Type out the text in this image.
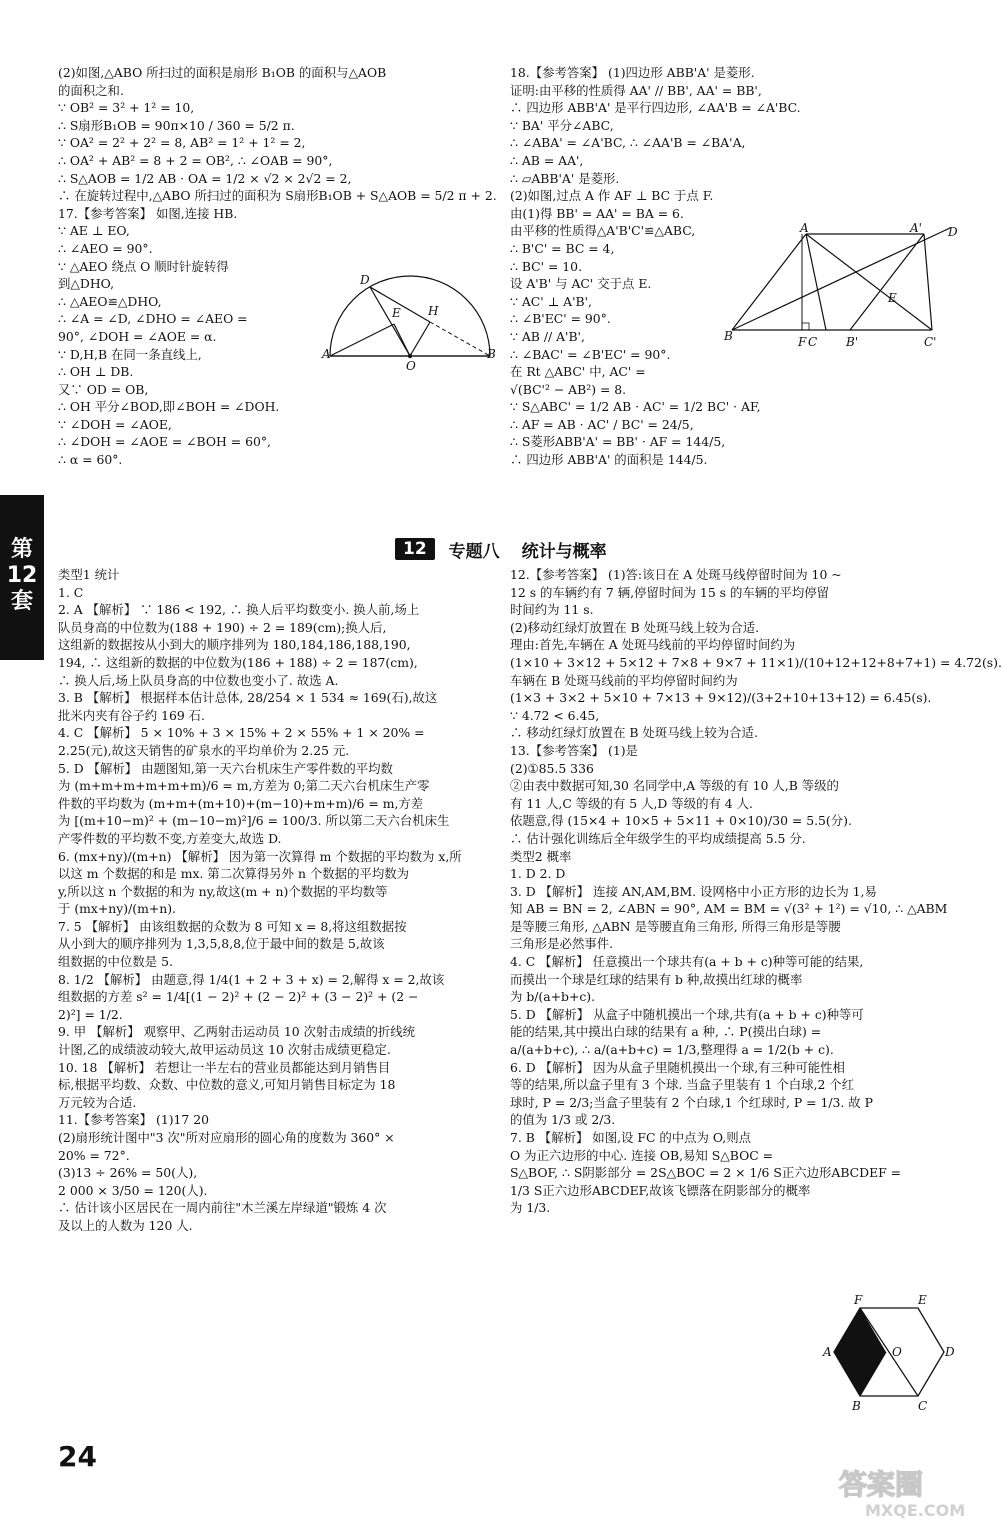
(2)如图,△ABO 所扫过的面积是扇形 B₁OB 的面积与△AOB
的面积之和.
∵ OB² = 3² + 1² = 10,
∴ S扇形B₁OB = 90π×10 / 360 = 5/2 π.
∵ OA² = 2² + 2² = 8, AB² = 1² + 1² = 2,
∴ OA² + AB² = 8 + 2 = OB², ∴ ∠OAB = 90°,
∴ S△AOB = 1/2 AB · OA = 1/2 × √2 × 2√2 = 2,
∴ 在旋转过程中,△ABO 所扫过的面积为 S扇形B₁OB + S△AOB = 5/2 π + 2.
17.【参考答案】 如图,连接 HB.
∵ AE ⊥ EO,
∴ ∠AEO = 90°.
∵ △AEO 绕点 O 顺时针旋转得
到△DHO,
∴ △AEO≌△DHO,
∴ ∠A = ∠D, ∠DHO = ∠AEO =
90°, ∠DOH = ∠AOE = α.
∵ D,H,B 在同一条直线上,
∴ OH ⊥ DB.
又∵ OD = OB,
∴ OH 平分∠BOD,即∠BOH = ∠DOH.
∵ ∠DOH = ∠AOE,
∴ ∠DOH = ∠AOE = ∠BOH = 60°,
∴ α = 60°.
18.【参考答案】 (1)四边形 ABB'A' 是菱形.
证明:由平移的性质得 AA' // BB', AA' = BB',
∴ 四边形 ABB'A' 是平行四边形, ∠AA'B = ∠A'BC.
∵ BA' 平分∠ABC,
∴ ∠ABA' = ∠A'BC, ∴ ∠AA'B = ∠BA'A,
∴ AB = AA',
∴ ▱ABB'A' 是菱形.
(2)如图,过点 A 作 AF ⊥ BC 于点 F.
由(1)得 BB' = AA' = BA = 6.
由平移的性质得△A'B'C'≌△ABC,
∴ B'C' = BC = 4,
∴ BC' = 10.
设 A'B' 与 AC' 交于点 E.
∵ AC' ⊥ A'B',
∴ ∠B'EC' = 90°.
∵ AB // A'B',
∴ ∠BAC' = ∠B'EC' = 90°.
在 Rt △ABC' 中, AC' =
√(BC'² − AB²) = 8.
∵ S△ABC' = 1/2 AB · AC' = 1/2 BC' · AF,
∴ AF = AB · AC' / BC' = 24/5,
∴ S菱形ABB'A' = BB' · AF = 144/5,
∴ 四边形 ABB'A' 的面积是 144/5.
D
E H
A
O
B
A	A' D
E
B	F C B'	C'
第
12
套
12	专题八 统计与概率
类型1 统计
1. C
2. A 【解析】 ∵ 186 < 192, ∴ 换人后平均数变小. 换人前,场上
队员身高的中位数为(188 + 190) ÷ 2 = 189(cm);换人后,
这组新的数据按从小到大的顺序排列为 180,184,186,188,190,
194, ∴ 这组新的数据的中位数为(186 + 188) ÷ 2 = 187(cm),
∴ 换人后,场上队员身高的中位数也变小了. 故选 A.
3. B 【解析】 根据样本估计总体, 28/254 × 1 534 ≈ 169(石),故这
批米内夹有谷子约 169 石.
4. C 【解析】 5 × 10% + 3 × 15% + 2 × 55% + 1 × 20% =
2.25(元),故这天销售的矿泉水的平均单价为 2.25 元.
5. D 【解析】 由题图知,第一天六台机床生产零件数的平均数
为 (m+m+m+m+m+m)/6 = m,方差为 0;第二天六台机床生产零
件数的平均数为 (m+m+(m+10)+(m−10)+m+m)/6 = m,方差
为 [(m+10−m)² + (m−10−m)²]/6 = 100/3. 所以第二天六台机床生
产零件数的平均数不变,方差变大,故选 D.
6. (mx+ny)/(m+n) 【解析】 因为第一次算得 m 个数据的平均数为 x,所
以这 m 个数据的和是 mx. 第二次算得另外 n 个数据的平均数为
y,所以这 n 个数据的和为 ny,故这(m + n)个数据的平均数等
于 (mx+ny)/(m+n).
7. 5 【解析】 由该组数据的众数为 8 可知 x = 8,将这组数据按
从小到大的顺序排列为 1,3,5,8,8,位于最中间的数是 5,故该
组数据的中位数是 5.
8. 1/2 【解析】 由题意,得 1/4(1 + 2 + 3 + x) = 2,解得 x = 2,故该
组数据的方差 s² = 1/4[(1 − 2)² + (2 − 2)² + (3 − 2)² + (2 −
2)²] = 1/2.
9. 甲 【解析】 观察甲、乙两射击运动员 10 次射击成绩的折线统
计图,乙的成绩波动较大,故甲运动员这 10 次射击成绩更稳定.
10. 18 【解析】 若想让一半左右的营业员都能达到月销售目
标,根据平均数、众数、中位数的意义,可知月销售目标定为 18
万元较为合适.
11.【参考答案】 (1)17 20
(2)扇形统计图中"3 次"所对应扇形的圆心角的度数为 360° ×
20% = 72°.
(3)13 ÷ 26% = 50(人),
2 000 × 3/50 = 120(人).
∴ 估计该小区居民在一周内前往"木兰溪左岸绿道"锻炼 4 次
及以上的人数为 120 人.
12.【参考答案】 (1)答:该日在 A 处斑马线停留时间为 10 ~
12 s 的车辆约有 7 辆,停留时间为 15 s 的车辆的平均停留
时间约为 11 s.
(2)移动红绿灯放置在 B 处斑马线上较为合适.
理由:首先,车辆在 A 处斑马线前的平均停留时间约为
(1×10 + 3×12 + 5×12 + 7×8 + 9×7 + 11×1)/(10+12+12+8+7+1) = 4.72(s).
车辆在 B 处斑马线前的平均停留时间约为
(1×3 + 3×2 + 5×10 + 7×13 + 9×12)/(3+2+10+13+12) = 6.45(s).
∵ 4.72 < 6.45,
∴ 移动红绿灯放置在 B 处斑马线上较为合适.
13.【参考答案】 (1)是
(2)①85.5 336
②由表中数据可知,30 名同学中,A 等级的有 10 人,B 等级的
有 11 人,C 等级的有 5 人,D 等级的有 4 人.
依题意,得 (15×4 + 10×5 + 5×11 + 0×10)/30 = 5.5(分).
∴ 估计强化训练后全年级学生的平均成绩提高 5.5 分.
类型2 概率
1. D 2. D
3. D 【解析】 连接 AN,AM,BM. 设网格中小正方形的边长为 1,易
知 AB = BN = 2, ∠ABN = 90°, AM = BM = √(3² + 1²) = √10, ∴ △ABM
是等腰三角形, △ABN 是等腰直角三角形, 所得三角形是等腰
三角形是必然事件.
4. C 【解析】 任意摸出一个球共有(a + b + c)种等可能的结果,
而摸出一个球是红球的结果有 b 种,故摸出红球的概率
为 b/(a+b+c).
5. D 【解析】 从盒子中随机摸出一个球,共有(a + b + c)种等可
能的结果,其中摸出白球的结果有 a 种, ∴ P(摸出白球) =
a/(a+b+c), ∴ a/(a+b+c) = 1/3,整理得 a = 1/2(b + c).
6. D 【解析】 因为从盒子里随机摸出一个球,有三种可能性相
等的结果,所以盒子里有 3 个球. 当盒子里装有 1 个白球,2 个红
球时, P = 2/3;当盒子里装有 2 个白球,1 个红球时, P = 1/3. 故 P
的值为 1/3 或 2/3.
7. B 【解析】 如图,设 FC 的中点为 O,则点
O 为正六边形的中心. 连接 OB,易知 S△BOC =
S△BOF, ∴ S阴影部分 = 2S△BOC = 2 × 1/6 S正六边形ABCDEF =
1/3 S正六边形ABCDEF,故该飞镖落在阴影部分的概率
为 1/3.
F	E
A	O	D
B	C
24
答案圈
MXQE.COM
